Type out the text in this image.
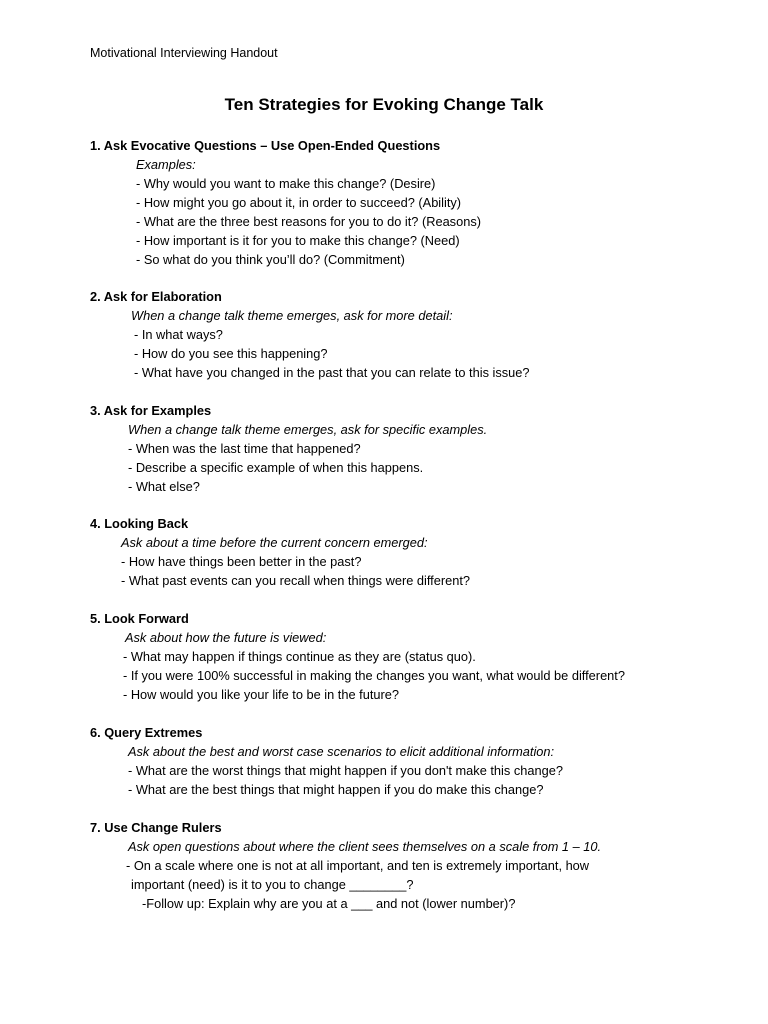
Motivational Interviewing Handout
Ten Strategies for Evoking Change Talk
1. Ask Evocative Questions – Use Open-Ended Questions
Examples:
- Why would you want to make this change? (Desire)
- How might you go about it, in order to succeed? (Ability)
- What are the three best reasons for you to do it? (Reasons)
- How important is it for you to make this change? (Need)
- So what do you think you’ll do? (Commitment)
2. Ask for Elaboration
When a change talk theme emerges, ask for more detail:
- In what ways?
- How do you see this happening?
- What have you changed in the past that you can relate to this issue?
3. Ask for Examples
When a change talk theme emerges, ask for specific examples.
- When was the last time that happened?
- Describe a specific example of when this happens.
- What else?
4. Looking Back
Ask about a time before the current concern emerged:
- How have things been better in the past?
- What past events can you recall when things were different?
5. Look Forward
Ask about how the future is viewed:
- What may happen if things continue as they are (status quo).
- If you were 100% successful in making the changes you want, what would be different?
- How would you like your life to be in the future?
6. Query Extremes
Ask about the best and worst case scenarios to elicit additional information:
- What are the worst things that might happen if you don't make this change?
- What are the best things that might happen if you do make this change?
7. Use Change Rulers
Ask open questions about where the client sees themselves on a scale from 1 – 10.
- On a scale where one is not at all important, and ten is extremely important, how
important (need) is it to you to change ________?
-Follow up: Explain why are you at a ___ and not (lower number)?
